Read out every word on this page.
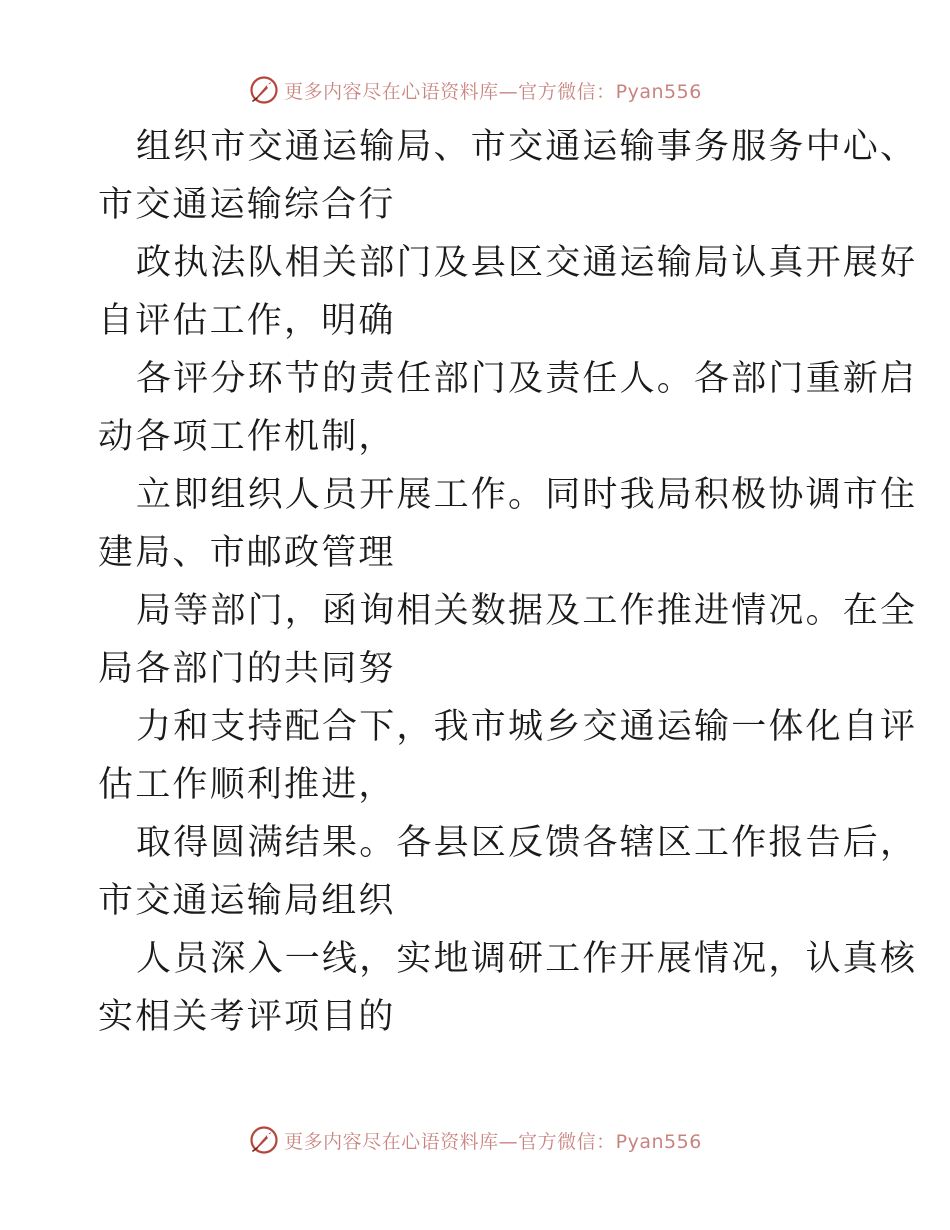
更多内容尽在心语资料库—官方微信：Pyan556
组织市交通运输局、市交通运输事务服务中心、
市交通运输综合行
政执法队相关部门及县区交通运输局认真开展好
自评估工作，明确
各评分环节的责任部门及责任人。各部门重新启
动各项工作机制，
立即组织人员开展工作。同时我局积极协调市住
建局、市邮政管理
局等部门，函询相关数据及工作推进情况。在全
局各部门的共同努
力和支持配合下，我市城乡交通运输一体化自评
估工作顺利推进，
取得圆满结果。各县区反馈各辖区工作报告后，
市交通运输局组织
人员深入一线，实地调研工作开展情况，认真核
实相关考评项目的
更多内容尽在心语资料库—官方微信：Pyan556
